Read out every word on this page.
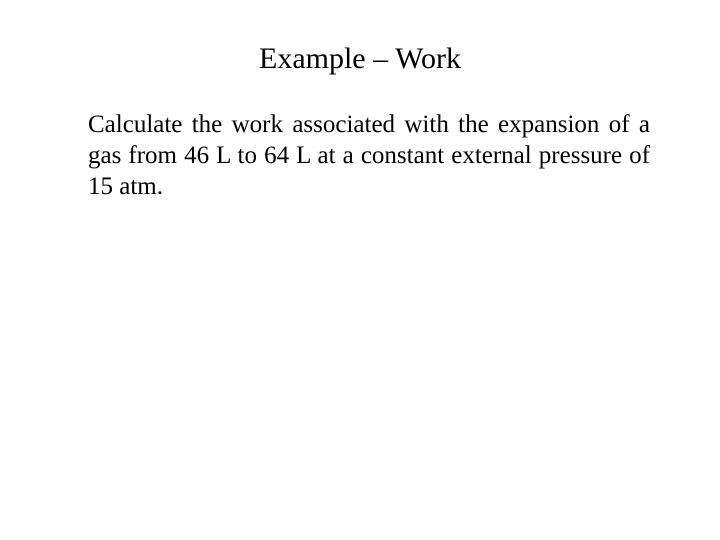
Example – Work

Calculate the work associated with the expansion of a gas from 46 L to 64 L at a constant external pressure of 15 atm.
